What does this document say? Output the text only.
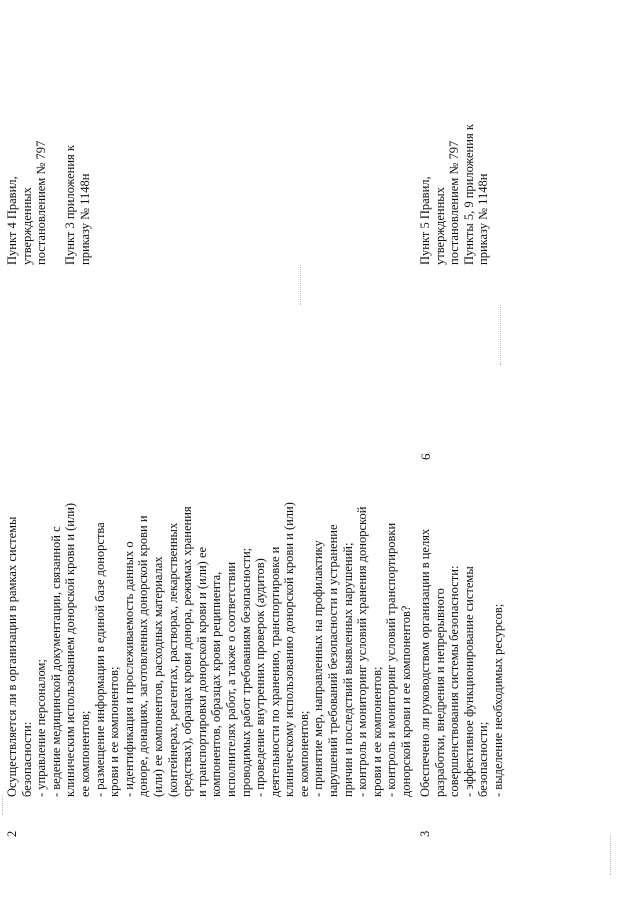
6
2
Осуществляется ли в организации в рамках системы безопасности: - управление персоналом; - ведение медицинской документации, связанной с клиническим использованием донорской крови и (или) ее компонентов; - размещение информации в единой базе донорства крови и ее компонентов; - идентификация и прослеживаемость данных о доноре, донациях, заготовленных донорской крови и (или) ее компонентов, расходных материалах (контейнерах, реагентах, растворах, лекарственных средствах), образцах крови донора, режимах хранения и транспортировки донорской крови и (или) ее компонентов, образцах крови реципиента, исполнителях работ, а также о соответствии проводимых работ требованиям безопасности; - проведение внутренних проверок (аудитов) деятельности по хранению, транспортировке и клиническому использованию донорской крови и (или) ее компонентов; - принятие мер, направленных на профилактику нарушений требований безопасности и устранение причин и последствий выявленных нарушений; - контроль и мониторинг условий хранения донорской крови и ее компонентов; - контроль и мониторинг условий транспортировки донорской крови и ее компонентов?
Пункт 4 Правил, утвержденных постановлением № 797 Пункт 3 приложения к приказу № 1148н
3
Обеспечено ли руководством организации в целях разработки, внедрения и непрерывного совершенствования системы безопасности: - эффективное функционирование системы безопасности; - выделение необходимых ресурсов;
Пункт 5 Правил, утвержденных постановлением № 797 Пункты 5, 9 приложения к приказу № 1148н
